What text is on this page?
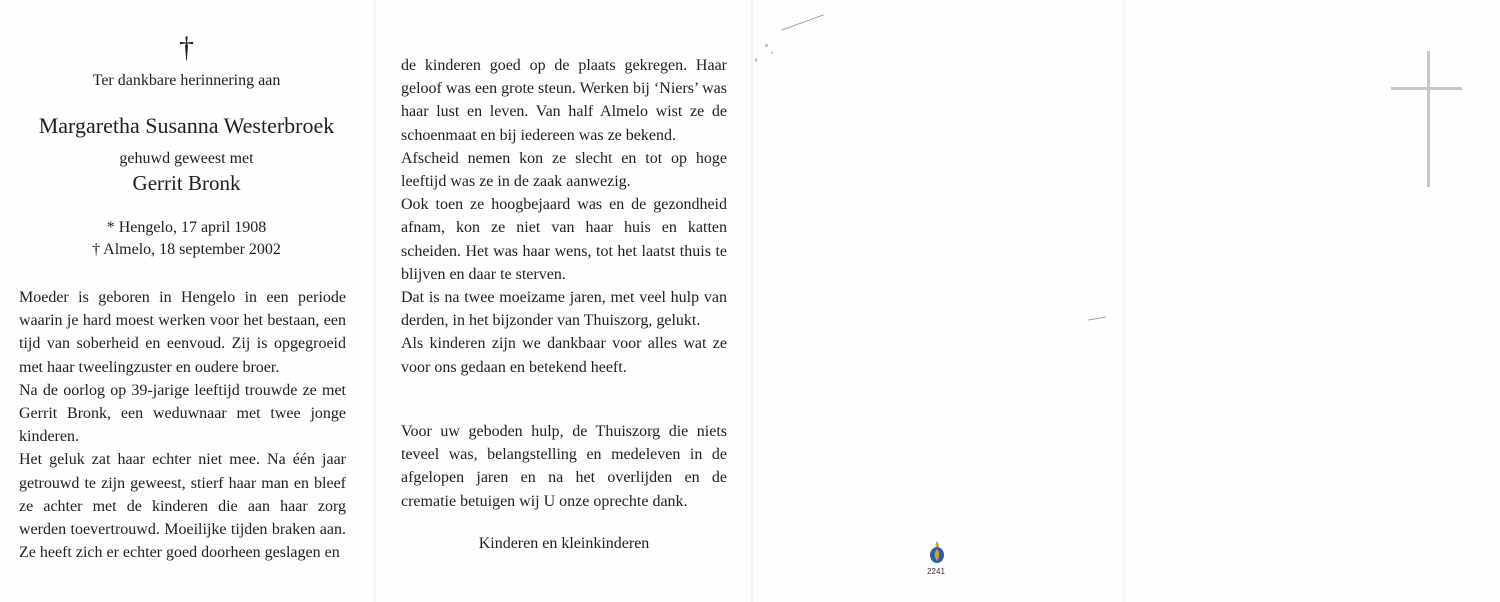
†
Ter dankbare herinnering aan
Margaretha Susanna Westerbroek
gehuwd geweest met
Gerrit Bronk
* Hengelo, 17 april 1908
† Almelo, 18 september 2002

Moeder is geboren in Hengelo in een periode waarin je hard moest werken voor het bestaan, een tijd van soberheid en eenvoud. Zij is opgegroeid met haar tweelingzuster en oudere broer.

Na de oorlog op 39-jarige leeftijd trouwde ze met Gerrit Bronk, een weduwnaar met twee jonge kinderen.

Het geluk zat haar echter niet mee. Na één jaar getrouwd te zijn geweest, stierf haar man en bleef ze achter met de kinderen die aan haar zorg werden toevertrouwd. Moeilijke tijden braken aan. Ze heeft zich er echter goed doorheen geslagen en

de kinderen goed op de plaats gekregen. Haar geloof was een grote steun. Werken bij ‘Niers’ was haar lust en leven. Van half Almelo wist ze de schoenmaat en bij iedereen was ze bekend.

Afscheid nemen kon ze slecht en tot op hoge leeftijd was ze in de zaak aanwezig.

Ook toen ze hoogbejaard was en de gezondheid afnam, kon ze niet van haar huis en katten scheiden. Het was haar wens, tot het laatst thuis te blijven en daar te sterven.

Dat is na twee moeizame jaren, met veel hulp van derden, in het bijzonder van Thuiszorg, gelukt.

Als kinderen zijn we dankbaar voor alles wat ze voor ons gedaan en betekend heeft.

Voor uw geboden hulp, de Thuiszorg die niets teveel was, belangstelling en medeleven in de afgelopen jaren en na het overlijden en de crematie betuigen wij U onze oprechte dank.

Kinderen en kleinkinderen
2241
